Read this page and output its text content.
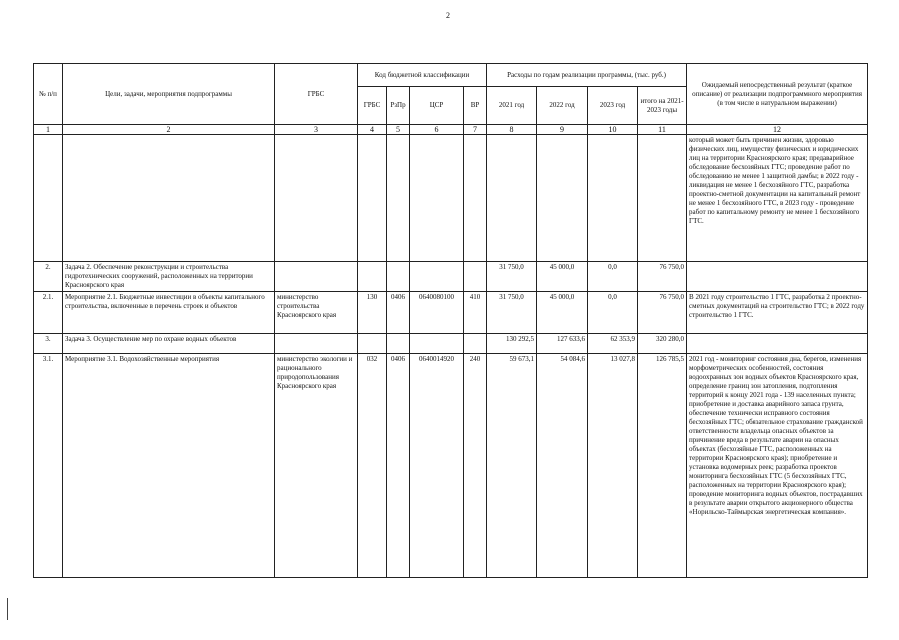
2
№ п/п	Цели, задачи, мероприятия подпрограммы	ГРБС	Код бюджетной классификации				Расходы по годам реализации программы, (тыс. руб.)				Ожидаемый непосредственный результат (краткое описание) от реализации подпрограммного мероприятия (в том числе в натуральном выражении)
			ГРБС	РзПр	ЦСР	ВР	2021 год	2022 год	2023 год	итого на 2021-2023 годы	
1	2	3	4	5	6	7	8	9	10	11	12
											который может быть причинен жизни, здоровью физических лиц, имуществу физических и юридических лиц на территории Красноярского края; предаварийное обследование бесхозяйных ГТС; проведение работ по обследованию не менее 1 защитной дамбы; в 2022 году - ликвидация не менее 1 бесхозяйного ГТС, разработка проектно-сметной документации на капитальный ремонт не менее 1 бесхозяйного ГТС, в 2023 году - проведение работ по капитальному ремонту не менее 1 бесхозяйного ГТС.
2.	Задача 2. Обеспечение реконструкции и строительства гидротехнических сооружений, расположенных на территории Красноярского края						31 750,0	45 000,0	0,0	76 750,0	
2.1.	Мероприятие 2.1. Бюджетные инвестиции в объекты капитального строительства, включенные в перечень строек и объектов	министерство строительства Красноярского края	130	0406	0640080100	410	31 750,0	45 000,0	0,0	76 750,0	В 2021 году строительство 1 ГТС, разработка 2 проектно-сметных документаций на строительство ГТС; в 2022 году строительство 1 ГТС.
3.	Задача 3. Осуществление мер по охране водных объектов						130 292,5	127 633,6	62 353,9	320 280,0	
3.1.	Мероприятие 3.1. Водохозяйственные мероприятия	министерство экологии и рационального природопользования Красноярского края	032	0406	0640014920	240	59 673,1	54 084,6	13 027,8	126 785,5	2021 год - мониторинг состояния дна, берегов, изменения морфометрических особенностей, состояния водоохранных зон водных объектов Красноярского края, определение границ зон затопления, подтопления территорий к концу 2021 года - 139 населенных пункта; приобретение и доставка аварийного запаса грунта, обеспечение технически исправного состояния бесхозяйных ГТС; обязательное страхование гражданской ответственности владельца опасных объектов за причинение вреда в результате аварии на опасных объектах (бесхозяйные ГТС, расположенных на территории Красноярского края); приобретение и установка водомерных реек; разработка проектов мониторинга бесхозяйных ГТС (5 бесхозяйных ГТС, расположенных на территории Красноярского края); проведение мониторинга водных объектов, пострадавших в результате аварии открытого акционерного общества «Норильско-Таймырская энергетическая компания».
